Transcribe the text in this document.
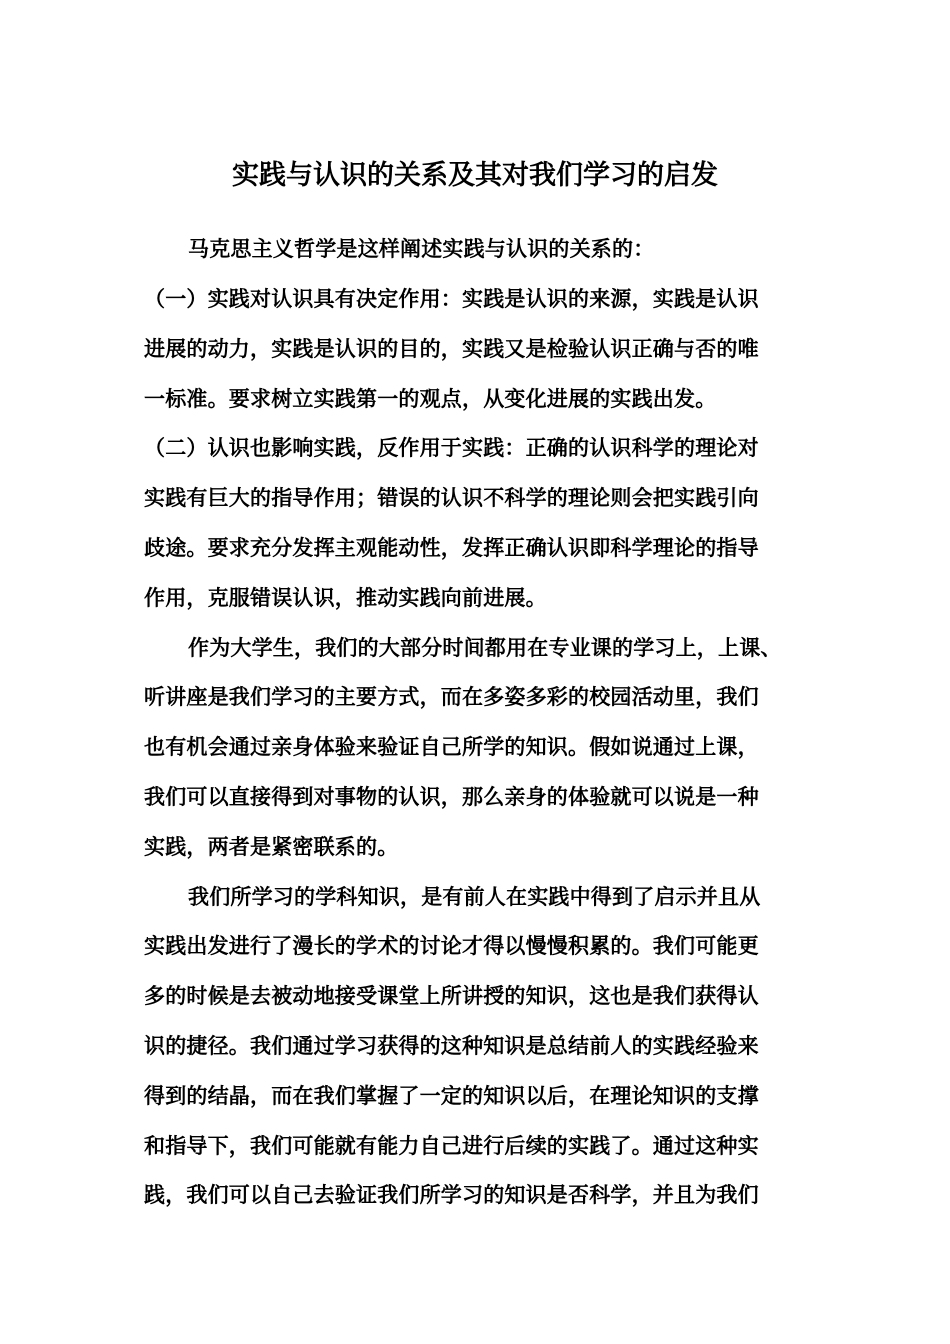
实践与认识的关系及其对我们学习的启发
马克思主义哲学是这样阐述实践与认识的关系的：
（一）实践对认识具有决定作用：实践是认识的来源，实践是认识
进展的动力，实践是认识的目的，实践又是检验认识正确与否的唯
一标准。要求树立实践第一的观点，从变化进展的实践出发。
（二）认识也影响实践，反作用于实践：正确的认识科学的理论对
实践有巨大的指导作用；错误的认识不科学的理论则会把实践引向
歧途。要求充分发挥主观能动性，发挥正确认识即科学理论的指导
作用，克服错误认识，推动实践向前进展。
作为大学生，我们的大部分时间都用在专业课的学习上，上课、
听讲座是我们学习的主要方式，而在多姿多彩的校园活动里，我们
也有机会通过亲身体验来验证自己所学的知识。假如说通过上课，
我们可以直接得到对事物的认识，那么亲身的体验就可以说是一种
实践，两者是紧密联系的。
我们所学习的学科知识，是有前人在实践中得到了启示并且从
实践出发进行了漫长的学术的讨论才得以慢慢积累的。我们可能更
多的时候是去被动地接受课堂上所讲授的知识，这也是我们获得认
识的捷径。我们通过学习获得的这种知识是总结前人的实践经验来
得到的结晶，而在我们掌握了一定的知识以后，在理论知识的支撑
和指导下，我们可能就有能力自己进行后续的实践了。通过这种实
践，我们可以自己去验证我们所学习的知识是否科学，并且为我们
